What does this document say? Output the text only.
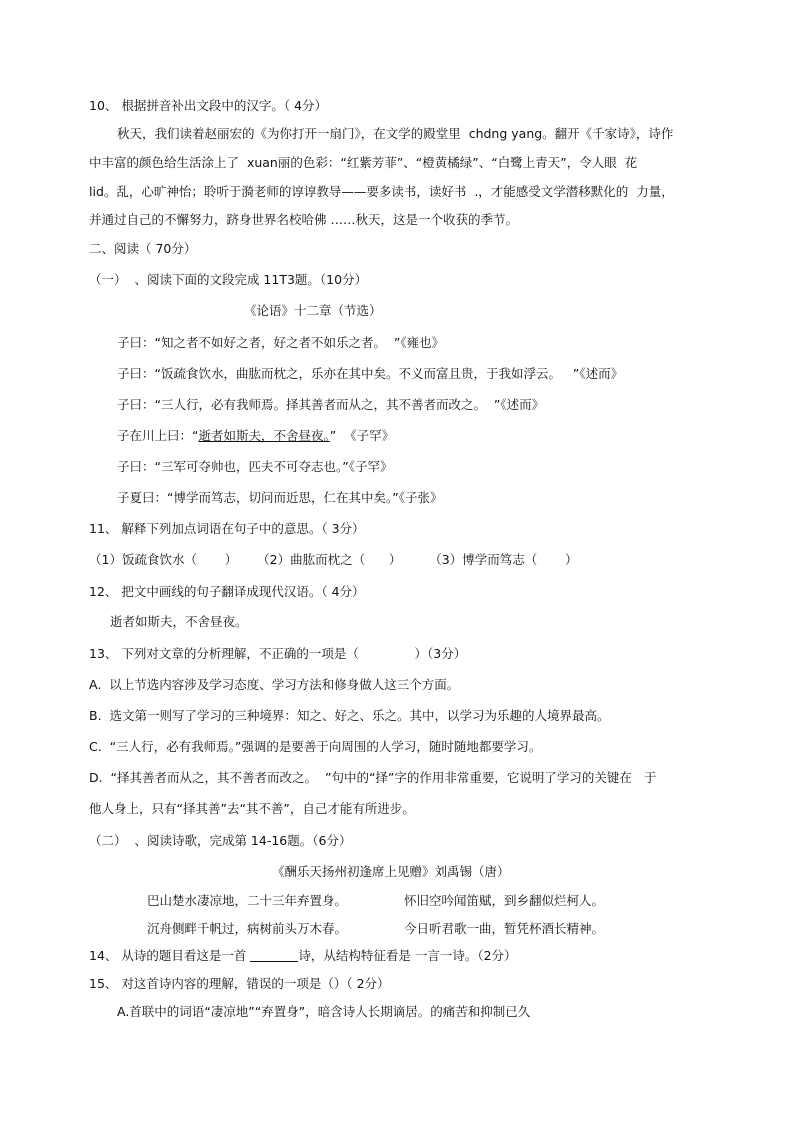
10、 根据拼音补出文段中的汉字。（ 4分）
秋天，我们读着赵丽宏的《为你打开一扇门》，在文学的殿堂里  chdng yang。翻开《千家诗》，诗作
中丰富的颜色给生活涂上了  xuan丽的色彩：“红紫芳菲”、“橙黄橘绿”、“白鹭上青天”，令人眼  花
lid。乱，心旷神怡；聆听于漪老师的谆谆教导——要多读书，读好书  .，才能感受文学潜移默化的  力量，
并通过自己的不懈努力，跻身世界名校哈佛 ……秋天，这是一个收获的季节。
二、阅读（ 70分）
（一）  、阅读下面的文段完成 11T3题。（10分）
《论语》十二章（节选）
子曰：“知之者不如好之者，好之者不如乐之者。  ”《雍也》
子曰：“饭疏食饮水，曲肱而枕之，乐亦在其中矣。不义而富且贵，于我如浮云。   ”《述而》
子曰：“三人行，必有我师焉。择其善者而从之，其不善者而改之。  ”《述而》
子在川上曰：“逝者如斯夫，不舍昼夜。”  《子罕》
子曰：“三军可夺帅也，匹夫不可夺志也。”《子罕》
子夏曰：“博学而笃志，切问而近思，仁在其中矣。”《子张》
11、 解释下列加点词语在句子中的意思。（ 3分）
（1）饭疏食饮水（       ）     （2）曲肱而枕之（      ）       （3）博学而笃志（       ）
12、 把文中画线的句子翻译成现代汉语。（ 4分）
逝者如斯夫，不舍昼夜。
13、 下列对文章的分析理解，不正确的一项是（              ）（3分）
A.  以上节选内容涉及学习态度、学习方法和修身做人这三个方面。
B.  选文第一则写了学习的三种境界：知之、好之、乐之。其中，以学习为乐趣的人境界最高。
C.  “三人行，必有我师焉。”强调的是要善于向周围的人学习，随时随地都要学习。
D.  “择其善者而从之，其不善者而改之。  ”句中的“择”字的作用非常重要，它说明了学习的关键在   于
他人身上，只有“择其善”去“其不善”，自己才能有所进步。
（二）  、阅读诗歌，完成第 14-16题。（6分）
《酬乐天扬州初逢席上见赠》刘禹锡（唐）
巴山楚水凄凉地，二十三年弃置身。	怀旧空吟闻笛赋，到乡翻似烂柯人。
沉舟侧畔千帆过，病树前头万木春。	今日听君歌一曲，暂凭杯酒长精神。
14、 从诗的题目看这是一首	诗，从结构特征看是 一言一诗。（2分）
15、 对这首诗内容的理解，错误的一项是（）（ 2分）
A.首联中的词语“凄凉地”“弃置身”，暗含诗人长期谪居。的痛苦和抑制已久
